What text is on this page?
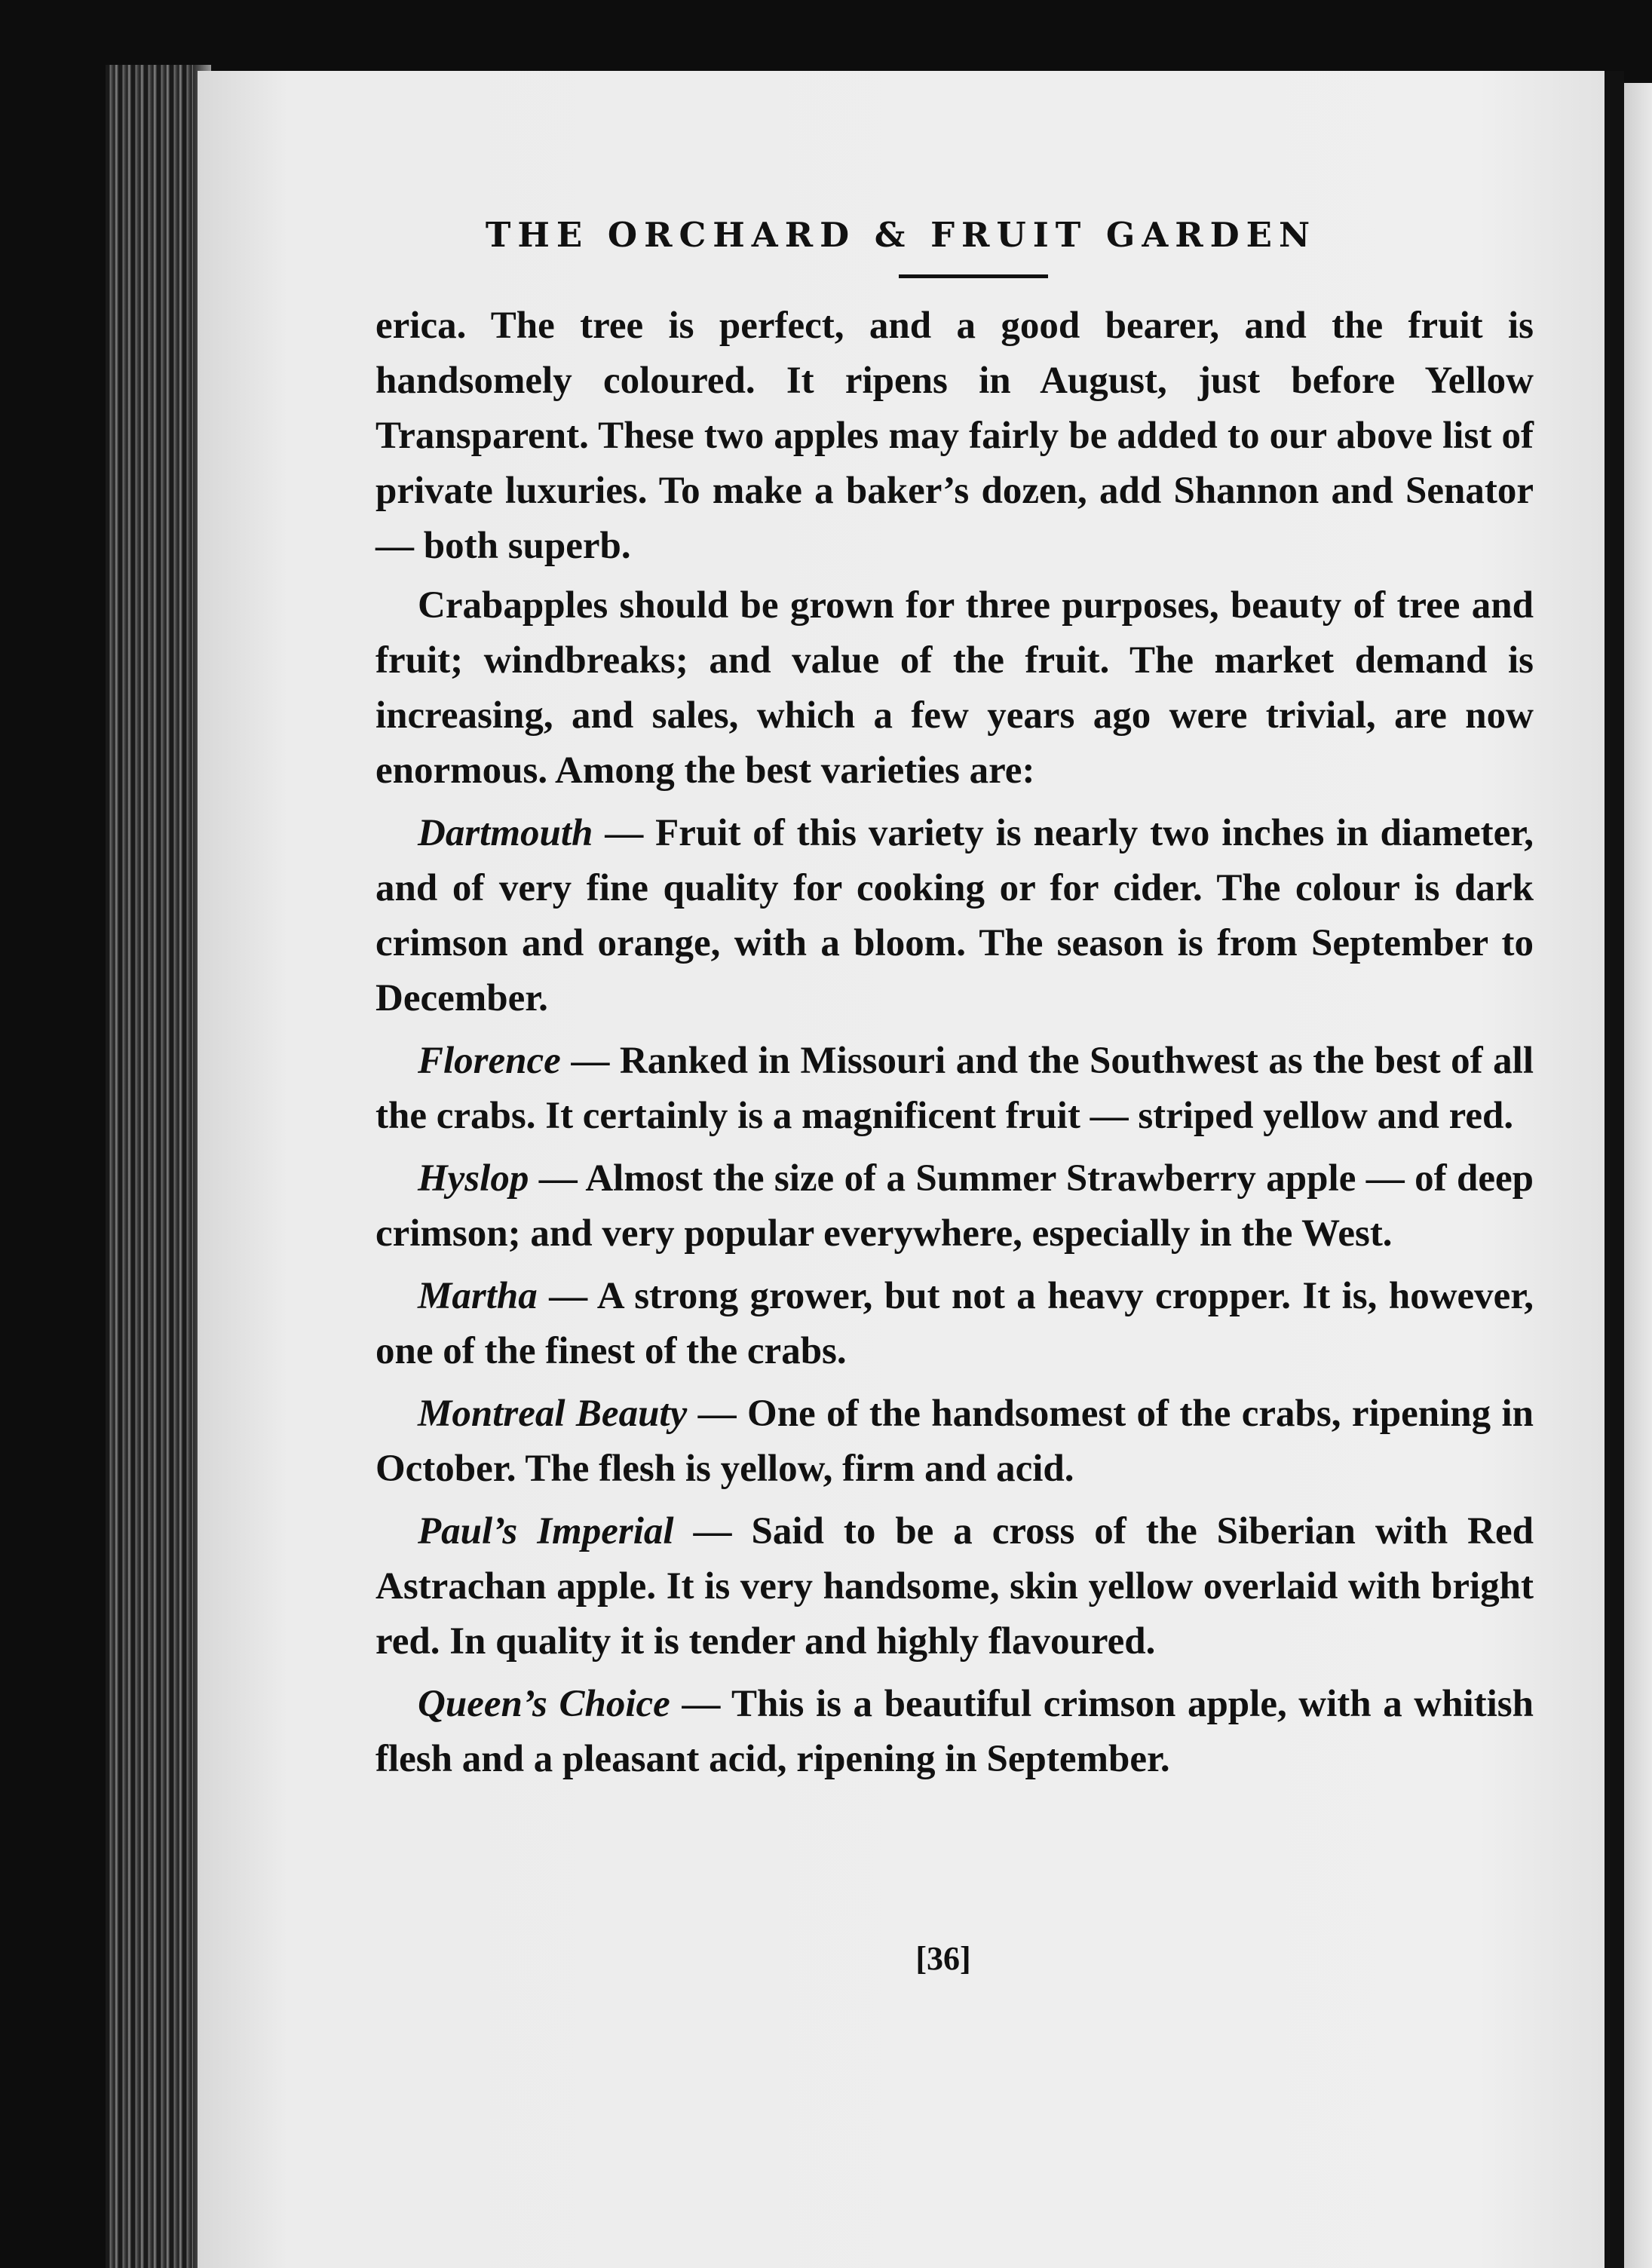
THE ORCHARD & FRUIT GARDEN

erica. The tree is perfect, and a good bearer, and the fruit is handsomely coloured. It ripens in August, just before Yellow Transparent. These two apples may fairly be added to our above list of private luxuries. To make a baker’s dozen, add Shannon and Senator — both superb.

Crabapples should be grown for three purposes, beauty of tree and fruit; windbreaks; and value of the fruit. The market demand is increasing, and sales, which a few years ago were trivial, are now enormous. Among the best varieties are:

Dartmouth — Fruit of this variety is nearly two inches in diameter, and of very fine quality for cooking or for cider. The colour is dark crimson and orange, with a bloom. The season is from September to December.

Florence — Ranked in Missouri and the Southwest as the best of all the crabs. It certainly is a magnificent fruit — striped yellow and red.

Hyslop — Almost the size of a Summer Strawberry apple — of deep crimson; and very popular everywhere, especially in the West.

Martha — A strong grower, but not a heavy cropper. It is, however, one of the finest of the crabs.

Montreal Beauty — One of the handsomest of the crabs, ripening in October. The flesh is yellow, firm and acid.

Paul’s Imperial — Said to be a cross of the Siberian with Red Astrachan apple. It is very handsome, skin yellow overlaid with bright red. In quality it is tender and highly flavoured.

Queen’s Choice — This is a beautiful crimson apple, with a whitish flesh and a pleasant acid, ripening in September.

[36]
